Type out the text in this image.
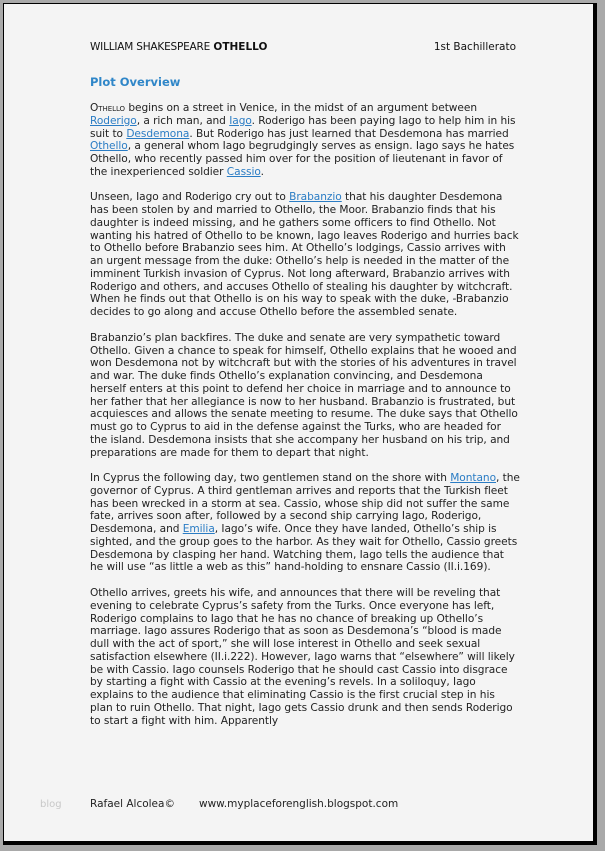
WILLIAM SHAKESPEARE OTHELLO	1st Bachillerato
Plot Overview

Othello begins on a street in Venice, in the midst of an argument between Roderigo, a rich man, and Iago. Roderigo has been paying Iago to help him in his suit to Desdemona. But Roderigo has just learned that Desdemona has married Othello, a general whom Iago begrudgingly serves as ensign. Iago says he hates Othello, who recently passed him over for the position of lieutenant in favor of the inexperienced soldier Cassio.

Unseen, Iago and Roderigo cry out to Brabanzio that his daughter Desdemona has been stolen by and married to Othello, the Moor. Brabanzio finds that his daughter is indeed missing, and he gathers some officers to find Othello. Not wanting his hatred of Othello to be known, Iago leaves Roderigo and hurries back to Othello before Brabanzio sees him. At Othello’s lodgings, Cassio arrives with an urgent message from the duke: Othello’s help is needed in the matter of the imminent Turkish invasion of Cyprus. Not long afterward, Brabanzio arrives with Roderigo and others, and accuses Othello of stealing his daughter by witchcraft. When he finds out that Othello is on his way to speak with the duke, -Brabanzio decides to go along and accuse Othello before the assembled senate.

Brabanzio’s plan backfires. The duke and senate are very sympathetic toward Othello. Given a chance to speak for himself, Othello explains that he wooed and won Desdemona not by witchcraft but with the stories of his adventures in travel and war. The duke finds Othello’s explanation convincing, and Desdemona herself enters at this point to defend her choice in marriage and to announce to her father that her allegiance is now to her husband. Brabanzio is frustrated, but acquiesces and allows the senate meeting to resume. The duke says that Othello must go to Cyprus to aid in the defense against the Turks, who are headed for the island. Desdemona insists that she accompany her husband on his trip, and preparations are made for them to depart that night.

In Cyprus the following day, two gentlemen stand on the shore with Montano, the governor of Cyprus. A third gentleman arrives and reports that the Turkish fleet has been wrecked in a storm at sea. Cassio, whose ship did not suffer the same fate, arrives soon after, followed by a second ship carrying Iago, Roderigo, Desdemona, and Emilia, Iago’s wife. Once they have landed, Othello’s ship is sighted, and the group goes to the harbor. As they wait for Othello, Cassio greets Desdemona by clasping her hand. Watching them, Iago tells the audience that he will use “as little a web as this” hand-holding to ensnare Cassio (II.i.169).

Othello arrives, greets his wife, and announces that there will be reveling that evening to celebrate Cyprus’s safety from the Turks. Once everyone has left, Roderigo complains to Iago that he has no chance of breaking up Othello’s marriage. Iago assures Roderigo that as soon as Desdemona’s “blood is made dull with the act of sport,” she will lose interest in Othello and seek sexual satisfaction elsewhere (II.i.222). However, Iago warns that “elsewhere” will likely be with Cassio. Iago counsels Roderigo that he should cast Cassio into disgrace by starting a fight with Cassio at the evening’s revels. In a soliloquy, Iago explains to the audience that eliminating Cassio is the first crucial step in his plan to ruin Othello. That night, Iago gets Cassio drunk and then sends Roderigo to start a fight with him. Apparently

blog	Rafael Alcolea© www.myplaceforenglish.blogspot.com
